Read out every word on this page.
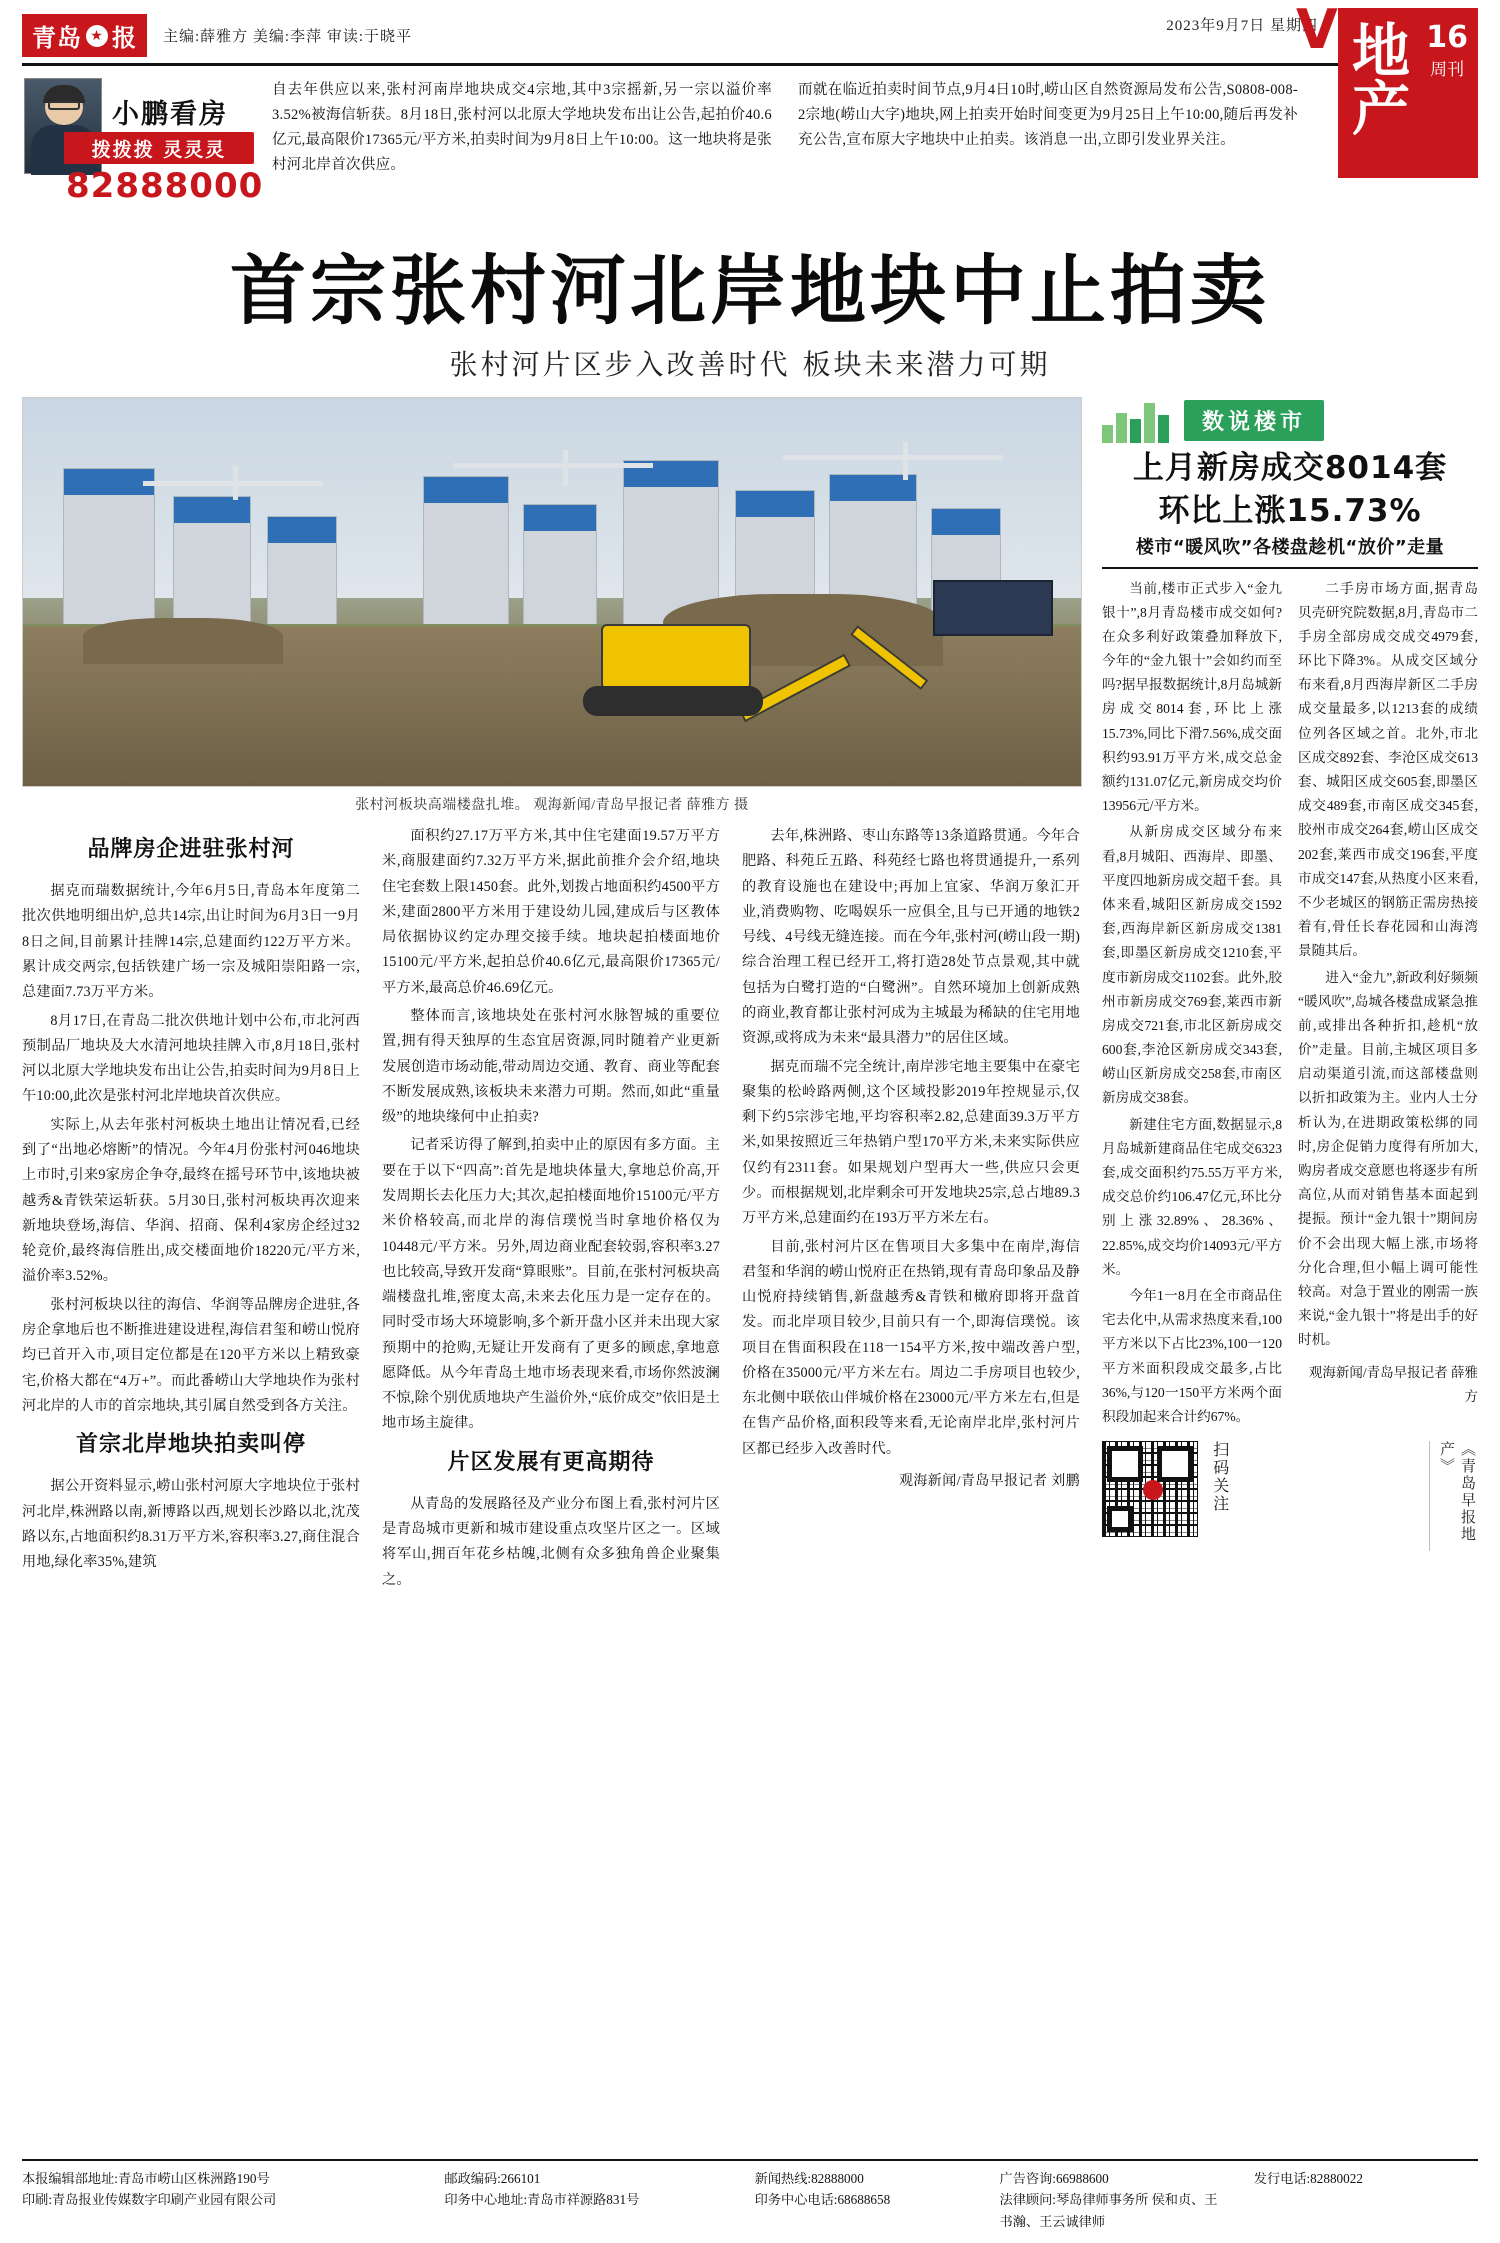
青岛 ★ 报 主编:薛雅方 美编:李萍 审读:于晓平
2023年9月7日 星期四
V 地产
16
周刊
小鹏看房
拨拨拨 灵灵灵
82888000
自去年供应以来,张村河南岸地块成交4宗地,其中3宗摇新,另一宗以溢价率3.52%被海信斩获。8月18日,张村河以北原大学地块发布出让公告,起拍价40.6亿元,最高限价17365元/平方米,拍卖时间为9月8日上午10:00。这一地块将是张村河北岸首次供应。
而就在临近拍卖时间节点,9月4日10时,崂山区自然资源局发布公告,S0808-008-2宗地(崂山大字)地块,网上拍卖开始时间变更为9月25日上午10:00,随后再发补充公告,宣布原大字地块中止拍卖。该消息一出,立即引发业界关注。
首宗张村河北岸地块中止拍卖
张村河片区步入改善时代 板块未来潜力可期
张村河板块高端楼盘扎堆。 观海新闻/青岛早报记者 薛雅方 摄
品牌房企进驻张村河

据克而瑞数据统计,今年6月5日,青岛本年度第二批次供地明细出炉,总共14宗,出让时间为6月3日一9月8日之间,目前累计挂牌14宗,总建面约122万平方米。累计成交两宗,包括铁建广场一宗及城阳崇阳路一宗,总建面7.73万平方米。

8月17日,在青岛二批次供地计划中公布,市北河西预制品厂地块及大水清河地块挂牌入市,8月18日,张村河以北原大学地块发布出让公告,拍卖时间为9月8日上午10:00,此次是张村河北岸地块首次供应。

实际上,从去年张村河板块土地出让情况看,已经到了“出地必熔断”的情况。今年4月份张村河046地块上市时,引来9家房企争夺,最终在摇号环节中,该地块被越秀&青铁荣运斩获。5月30日,张村河板块再次迎来新地块登场,海信、华润、招商、保利4家房企经过32轮竞价,最终海信胜出,成交楼面地价18220元/平方米,溢价率3.52%。

张村河板块以往的海信、华润等品牌房企进驻,各房企拿地后也不断推进建设进程,海信君玺和崂山悦府均已首开入市,项目定位都是在120平方米以上精致豪宅,价格大都在“4万+”。而此番崂山大学地块作为张村河北岸的人市的首宗地块,其引属自然受到各方关注。

首宗北岸地块拍卖叫停

据公开资料显示,崂山张村河原大字地块位于张村河北岸,株洲路以南,新博路以西,规划长沙路以北,沈茂路以东,占地面积约8.31万平方米,容积率3.27,商住混合用地,绿化率35%,建筑

面积约27.17万平方米,其中住宅建面19.57万平方米,商服建面约7.32万平方米,据此前推介会介绍,地块住宅套数上限1450套。此外,划拨占地面积约4500平方米,建面2800平方米用于建设幼儿园,建成后与区教体局依据协议约定办理交接手续。地块起拍楼面地价15100元/平方米,起拍总价40.6亿元,最高限价17365元/平方米,最高总价46.69亿元。

整体而言,该地块处在张村河水脉智城的重要位置,拥有得天独厚的生态宜居资源,同时随着产业更新发展创造市场动能,带动周边交通、教育、商业等配套不断发展成熟,该板块未来潜力可期。然而,如此“重量级”的地块缘何中止拍卖?

记者采访得了解到,拍卖中止的原因有多方面。主要在于以下“四高”:首先是地块体量大,拿地总价高,开发周期长去化压力大;其次,起拍楼面地价15100元/平方米价格较高,而北岸的海信璞悦当时拿地价格仅为10448元/平方米。另外,周边商业配套较弱,容积率3.27也比较高,导致开发商“算眼账”。目前,在张村河板块高端楼盘扎堆,密度太高,未来去化压力是一定存在的。同时受市场大环境影响,多个新开盘小区并未出现大家预期中的抢购,无疑让开发商有了更多的顾虑,拿地意愿降低。从今年青岛土地市场表现来看,市场你然波澜不惊,除个别优质地块产生溢价外,“底价成交”依旧是土地市场主旋律。

片区发展有更高期待

从青岛的发展路径及产业分布图上看,张村河片区是青岛城市更新和城市建设重点攻坚片区之一。区域将军山,拥百年花乡枯魄,北侧有众多独角兽企业聚集之。

去年,株洲路、枣山东路等13条道路贯通。今年合肥路、科苑丘五路、科苑经七路也将贯通提升,一系列的教育设施也在建设中;再加上宜家、华润万象汇开业,消费购物、吃喝娱乐一应俱全,且与已开通的地铁2号线、4号线无缝连接。而在今年,张村河(崂山段一期)综合治理工程已经开工,将打造28处节点景观,其中就包括为白鹭打造的“白鹭洲”。自然环境加上创新成熟的商业,教育都让张村河成为主城最为稀缺的住宅用地资源,或将成为未来“最具潜力”的居住区域。

据克而瑞不完全统计,南岸涉宅地主要集中在豪宅聚集的松岭路两侧,这个区域投影2019年控规显示,仅剩下约5宗涉宅地,平均容积率2.82,总建面39.3万平方米,如果按照近三年热销户型170平方米,未来实际供应仅约有2311套。如果规划户型再大一些,供应只会更少。而根据规划,北岸剩余可开发地块25宗,总占地89.3万平方米,总建面约在193万平方米左右。

目前,张村河片区在售项目大多集中在南岸,海信君玺和华润的崂山悦府正在热销,现有青岛印象品及静山悦府持续销售,新盘越秀&青铁和橄府即将开盘首发。而北岸项目较少,目前只有一个,即海信璞悦。该项目在售面积段在118一154平方米,按中端改善户型,价格在35000元/平方米左右。周边二手房项目也较少,东北侧中联依山伴城价格在23000元/平方米左右,但是在售产品价格,面积段等来看,无论南岸北岸,张村河片区都已经步入改善时代。

观海新闻/青岛早报记者 刘鹏
数说楼市
上月新房成交8014套
环比上涨15.73%
楼市“暖风吹”各楼盘趁机“放价”走量

当前,楼市正式步入“金九银十”,8月青岛楼市成交如何?在众多利好政策叠加释放下,今年的“金九银十”会如约而至吗?据早报数据统计,8月岛城新房成交8014套,环比上涨15.73%,同比下滑7.56%,成交面积约93.91万平方米,成交总金额约131.07亿元,新房成交均价13956元/平方米。

从新房成交区域分布来看,8月城阳、西海岸、即墨、平度四地新房成交超千套。具体来看,城阳区新房成交1592套,西海岸新区新房成交1381套,即墨区新房成交1210套,平度市新房成交1102套。此外,胶州市新房成交769套,莱西市新房成交721套,市北区新房成交600套,李沧区新房成交343套,崂山区新房成交258套,市南区新房成交38套。

新建住宅方面,数据显示,8月岛城新建商品住宅成交6323套,成交面积约75.55万平方米,成交总价约106.47亿元,环比分别上涨32.89%、28.36%、22.85%,成交均价14093元/平方米。

今年1一8月在全市商品住宅去化中,从需求热度来看,100平方米以下占比23%,100一120平方米面积段成交最多,占比36%,与120一150平方米两个面积段加起来合计约67%。

二手房市场方面,据青岛贝壳研究院数据,8月,青岛市二手房全部房成交成交4979套,环比下降3%。从成交区域分布来看,8月西海岸新区二手房成交量最多,以1213套的成绩位列各区域之首。北外,市北区成交892套、李沧区成交613套、城阳区成交605套,即墨区成交489套,市南区成交345套,胶州市成交264套,崂山区成交202套,莱西市成交196套,平度市成交147套,从热度小区来看,不少老城区的钢筋正需房热接着有,骨任长春花园和山海湾景随其后。

进入“金九”,新政利好频频“暖风吹”,岛城各楼盘成紧急推前,或排出各种折扣,趁机“放价”走量。目前,主城区项目多启动渠道引流,而这部楼盘则以折扣政策为主。业内人士分析认为,在进期政策松绑的同时,房企促销力度得有所加大,购房者成交意愿也将逐步有所高位,从而对销售基本面起到提振。预计“金九银十”期间房价不会出现大幅上涨,市场将分化合理,但小幅上调可能性较高。对急于置业的刚需一族来说,“金九银十”将是出手的好时机。

观海新闻/青岛早报记者 薛雅方
扫码关注	《青岛早报地产》
本报编辑部地址:青岛市崂山区株洲路190号
印刷:青岛报业传媒数字印刷产业园有限公司
邮政编码:266101
印务中心地址:青岛市祥源路831号
新闻热线:82888000
印务中心电话:68688658
广告咨询:66988600
法律顾问:琴岛律师事务所 侯和贞、王书瀚、王云诚律师
发行电话:82880022
